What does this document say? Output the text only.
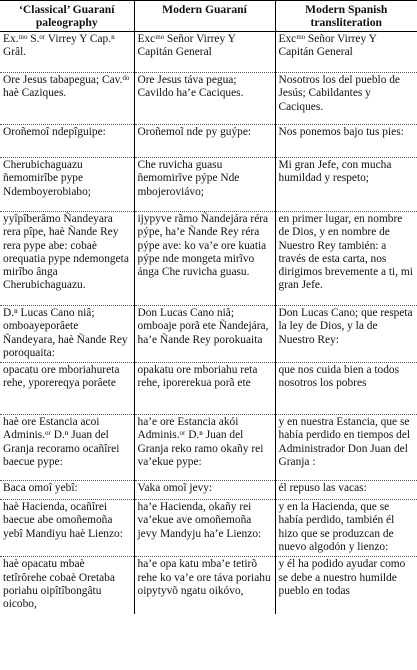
‘Classical’ Guaraní paleography	Modern Guaraní	Modern Spanish transliteration
Ex.ᵐᵒ S.ᵒʳ Virrey Y Cap.ⁿ Grâl.	Excᵐᵒ Señor Virrey Y Capitán General	Excᵐᵒ Señor Virrey Y Capitán General
Ore Jesus tabapegua; Cav.ᵈᵒ haè Caziques.	Ore Jesus táva pegua; Cavildo ha’e Caciques.	Nosotros los del pueblo de Jesús; Cabildantes y Caciques.
Oroñemoî ndepîguipe:	Oroñemoĩ nde py guýpe:	Nos ponemos bajo tus pies:
Cherubichaguazu ñemomirîbe pype Ndemboyerobiabo;	Che ruvicha guasu ñemomirĩve pýpe Nde mbojeroviávo;	Mi gran Jefe, con mucha humildad y respeto;
yyîpîberâmo Ñandeyara rera pîpe, haè Ñande Rey rera pype abe: cobaè orequatia pype ndemongeta mirîbo ânga Cherubichaguazu.	ijypyve rãmo Ñandejára réra pýpe, ha’e Ñande Rey réra pýpe ave: ko va’e ore kuatia pýpe nde mongeta mirĩvo ánga Che ruvicha guasu.	en primer lugar, en nombre de Dios, y en nombre de Nuestro Rey también: a través de esta carta, nos dirigimos brevemente a ti, mi gran Jefe.
D.ⁿ Lucas Cano niâ; omboayeporâete Ñandeyara, haè Ñande Rey poroquaita:	Don Lucas Cano niã; omboaje porã ete Ñandejára, ha’e Ñande Rey porokuaita	Don Lucas Cano; que respeta la ley de Dios, y la de Nuestro Rey:
opacatu ore mboriahureta rehe, yporereqya porâete	opakatu ore mboriahu reta rehe, iporerekua porã ete	que nos cuida bien a todos nosotros los pobres
haè ore Estancia acoi Adminis.ᵒʳ D.ⁿ Juan del Granja recoramo ocañîrei baecue pype:	ha’e ore Estancia akói Adminis.ᵒʳ D.ⁿ Juan del Granja reko ramo okañy rei va’ekue pype:	y en nuestra Estancia, que se había perdido en tiempos del Administrador Don Juan del Granja :
Baca omoî yebî:	Vaka omoĩ jevy:	él repuso las vacas:
haè Hacienda, ocañîrei baecue abe omoñemoña yebî Mandiyu haè Lienzo:	ha’e Hacienda, okañy rei va’ekue ave omoñemoña jevy Mandyju ha’e Lienzo:	y en la Hacienda, que se había perdido, también él hizo que se produzcan de nuevo algodón y lienzo:
haè opacatu mbaè tetîrôrehe cobaè Oretaba poriahu oipîtîbongâtu oicobo,	ha’e opa katu mba’e tetirõ rehe ko va’e ore táva poriahu oipytyvõ ngatu oikóvo,	y él ha podido ayudar como se debe a nuestro humilde pueblo en todas
